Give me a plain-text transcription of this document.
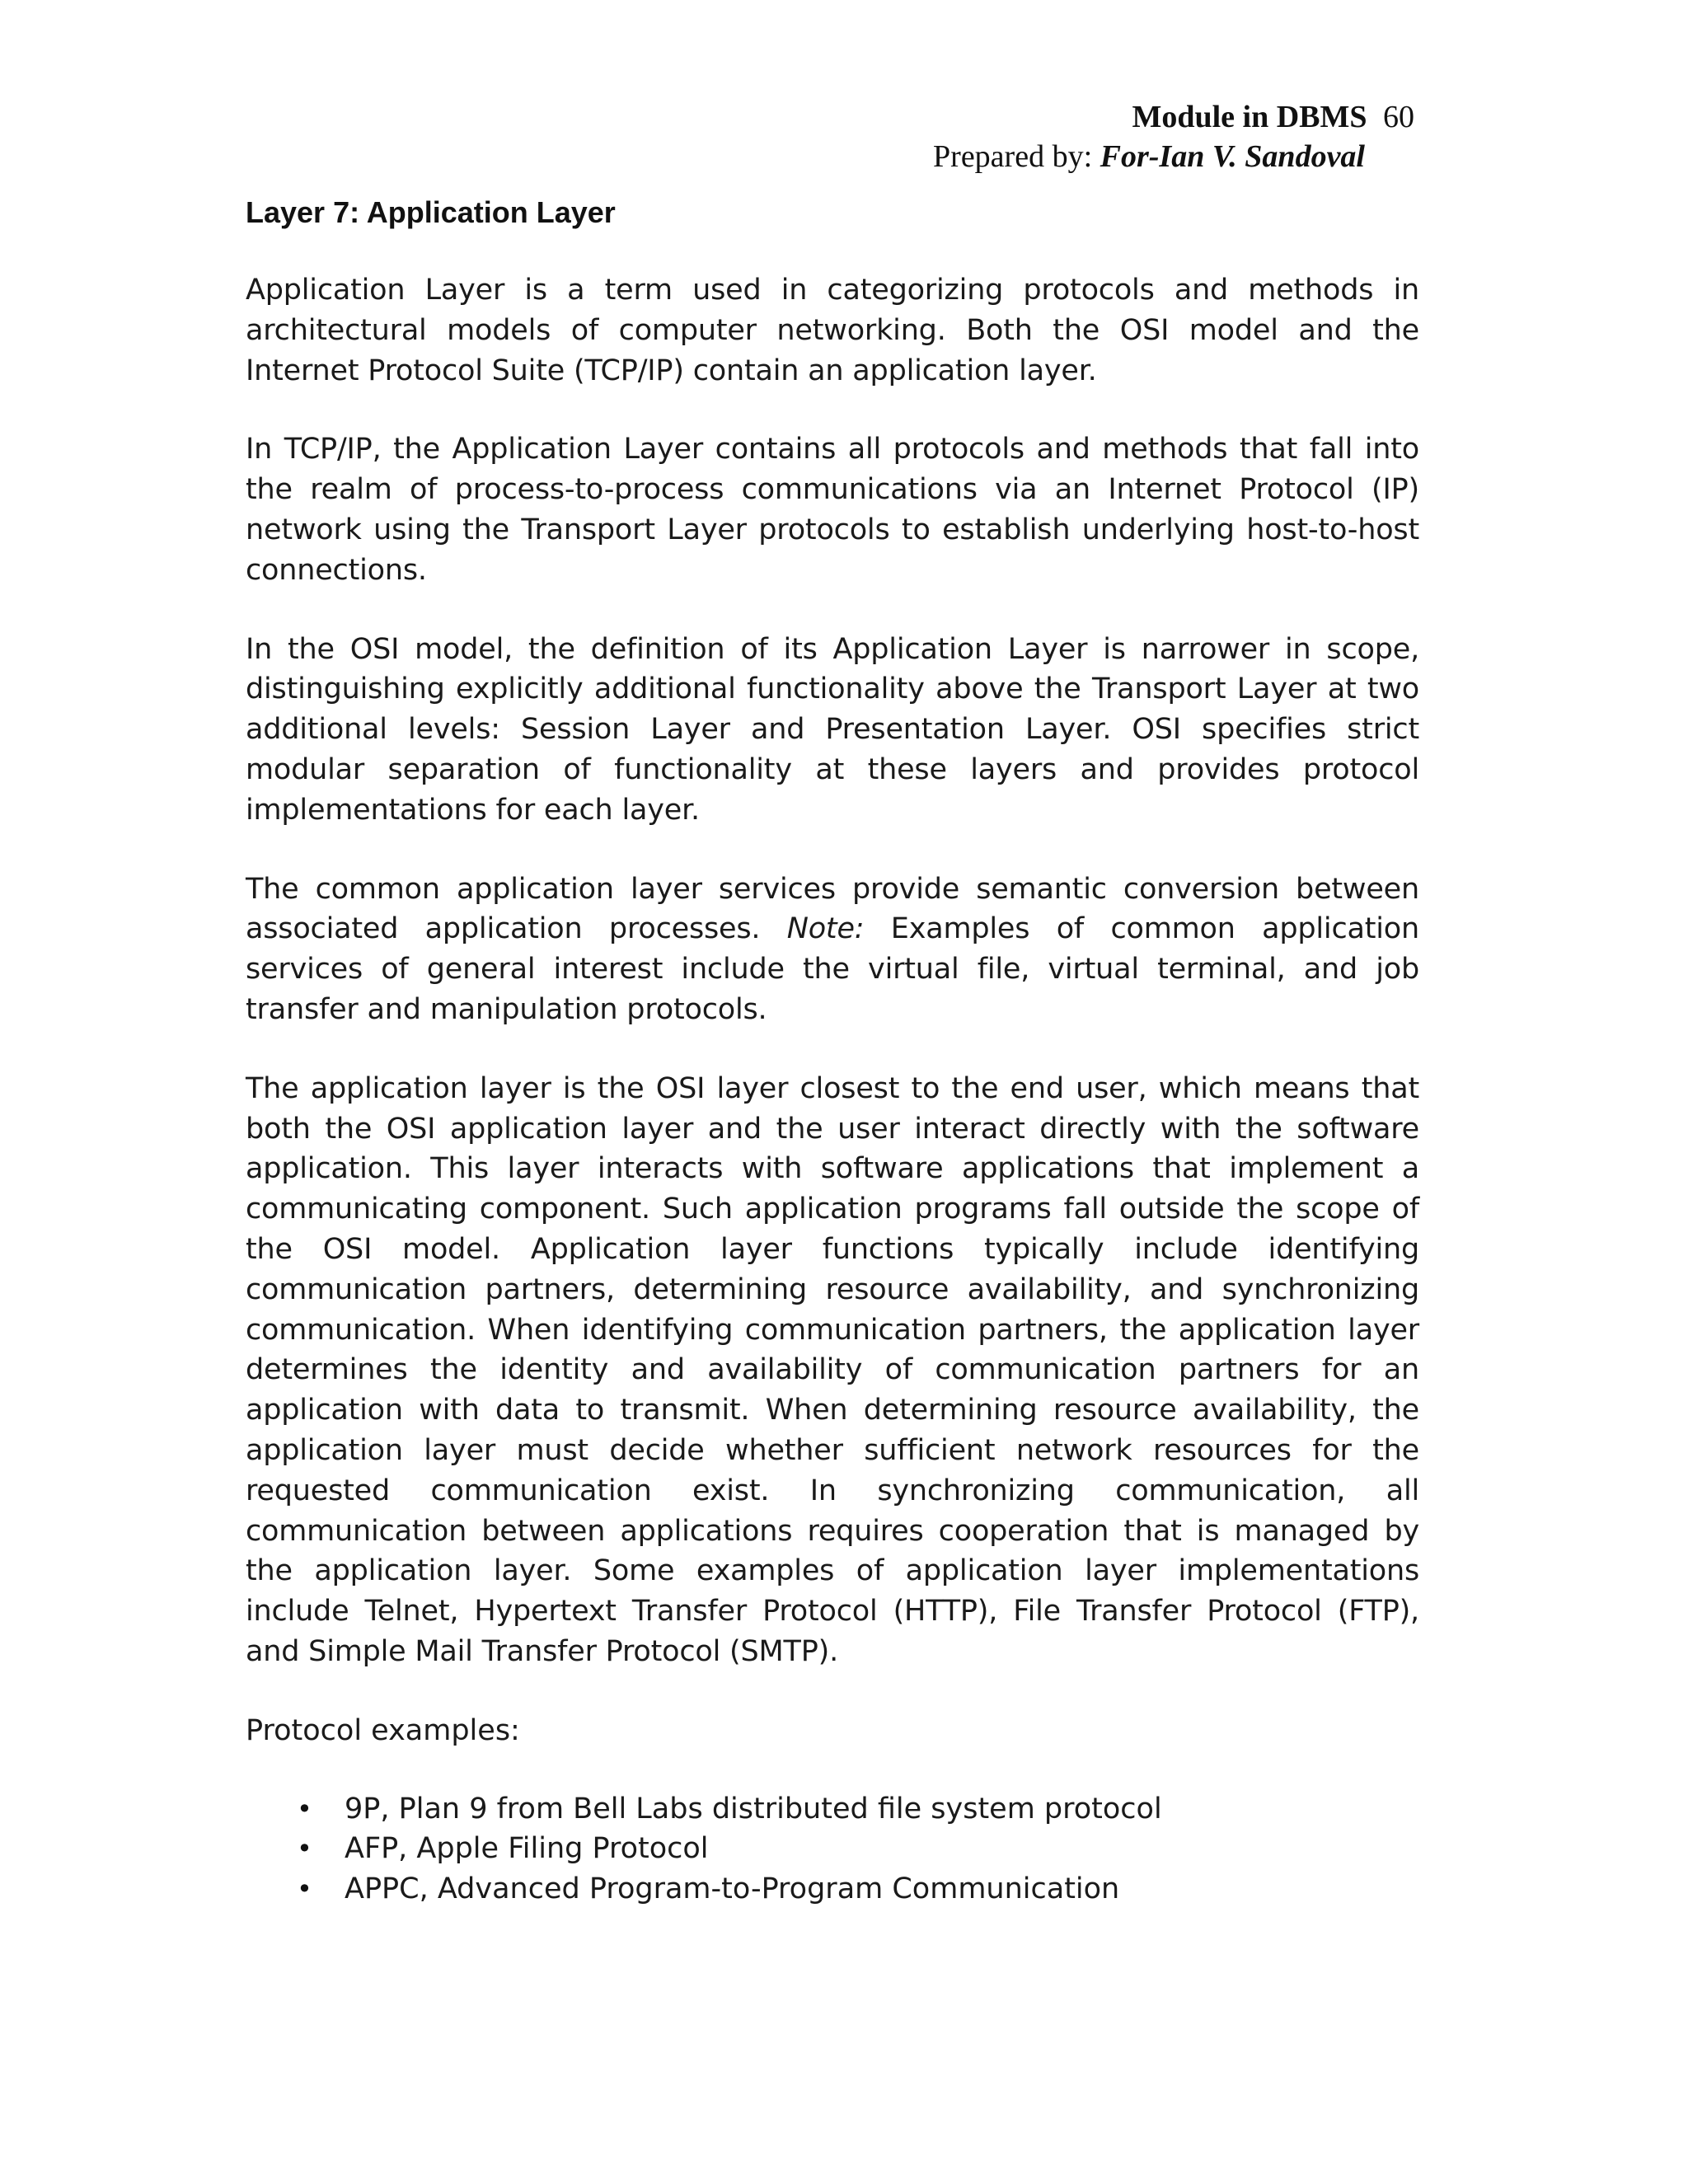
Module in DBMS 60
Prepared by: For-Ian V. Sandoval
Layer 7: Application Layer

Application Layer is a term used in categorizing protocols and methods in architectural models of computer networking. Both the OSI model and the Internet Protocol Suite (TCP/IP) contain an application layer.

In TCP/IP, the Application Layer contains all protocols and methods that fall into the realm of process-to-process communications via an Internet Protocol (IP) network using the Transport Layer protocols to establish underlying host-to-host connections.

In the OSI model, the definition of its Application Layer is narrower in scope, distinguishing explicitly additional functionality above the Transport Layer at two additional levels: Session Layer and Presentation Layer. OSI specifies strict modular separation of functionality at these layers and provides protocol implementations for each layer.

The common application layer services provide semantic conversion between associated application processes. Note: Examples of common application services of general interest include the virtual file, virtual terminal, and job transfer and manipulation protocols.

The application layer is the OSI layer closest to the end user, which means that both the OSI application layer and the user interact directly with the software application. This layer interacts with software applications that implement a communicating component. Such application programs fall outside the scope of the OSI model. Application layer functions typically include identifying communication partners, determining resource availability, and synchronizing communication. When identifying communication partners, the application layer determines the identity and availability of communication partners for an application with data to transmit. When determining resource availability, the application layer must decide whether sufficient network resources for the requested communication exist. In synchronizing communication, all communication between applications requires cooperation that is managed by the application layer. Some examples of application layer implementations include Telnet, Hypertext Transfer Protocol (HTTP), File Transfer Protocol (FTP), and Simple Mail Transfer Protocol (SMTP).

Protocol examples:

• 9P, Plan 9 from Bell Labs distributed file system protocol
• AFP, Apple Filing Protocol
• APPC, Advanced Program-to-Program Communication
